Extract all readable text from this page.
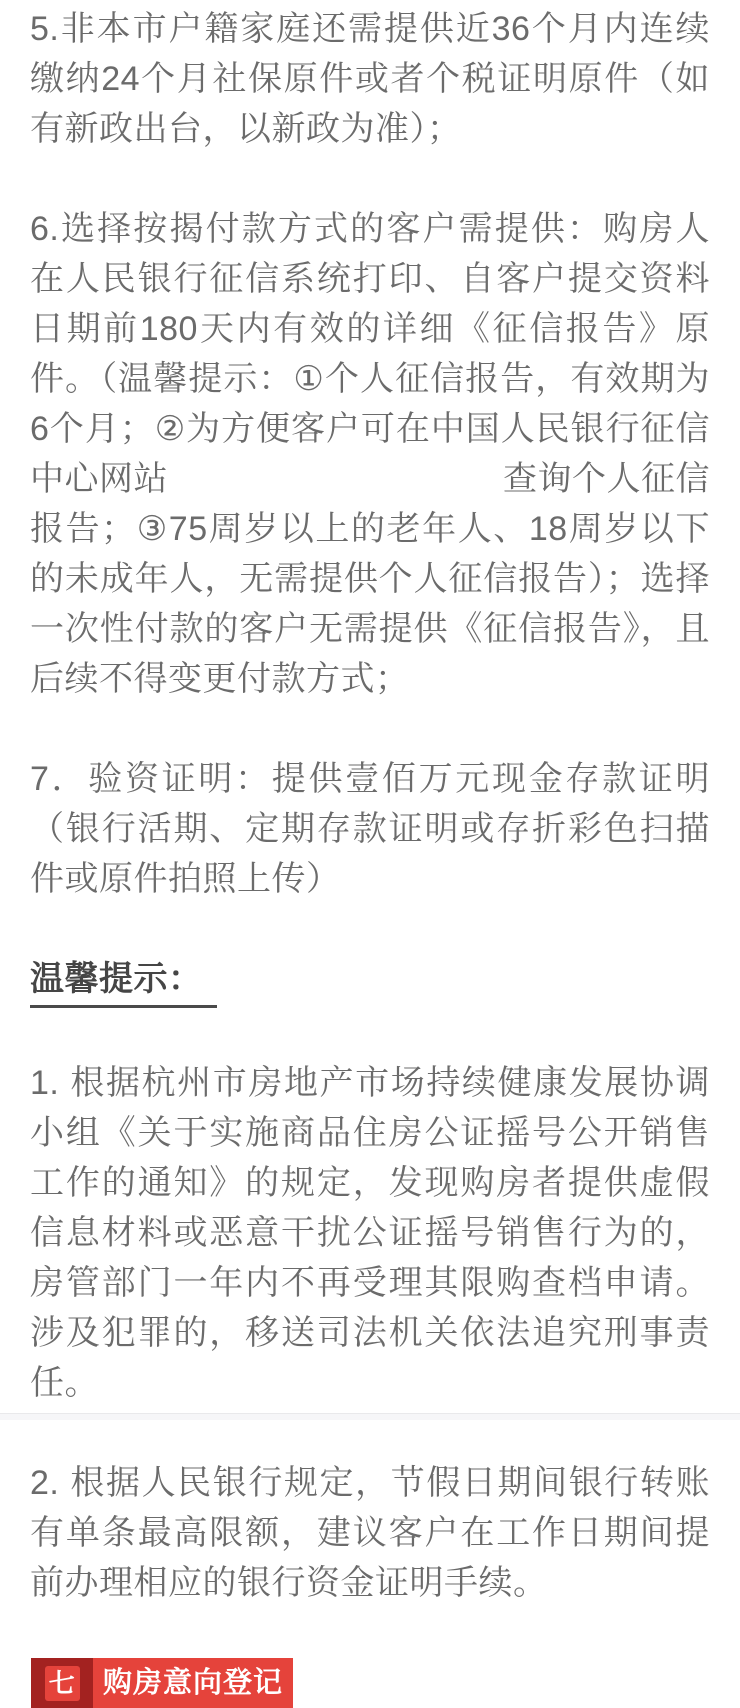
5.非本市户籍家庭还需提供近36个月内连续缴纳24个月社保原件或者个税证明原件（如有新政出台，以新政为准）；

6.选择按揭付款方式的客户需提供：购房人在人民银行征信系统打印、自客户提交资料日期前180天内有效的详细《征信报告》原件。（温馨提示：①个人征信报告，有效期为6个月；②为方便客户可在中国人民银行征信中心网站	查询个人征信报告；③75周岁以上的老年人、18周岁以下的未成年人，无需提供个人征信报告）；选择一次性付款的客户无需提供《征信报告》，且后续不得变更付款方式；

7．验资证明：提供壹佰万元现金存款证明（银行活期、定期存款证明或存折彩色扫描件或原件拍照上传）

温馨提示：

1. 根据杭州市房地产市场持续健康发展协调小组《关于实施商品住房公证摇号公开销售工作的通知》的规定，发现购房者提供虚假信息材料或恶意干扰公证摇号销售行为的，房管部门一年内不再受理其限购查档申请。涉及犯罪的，移送司法机关依法追究刑事责任。

2. 根据人民银行规定，节假日期间银行转账有单条最高限额，建议客户在工作日期间提前办理相应的银行资金证明手续。

七 购房意向登记
